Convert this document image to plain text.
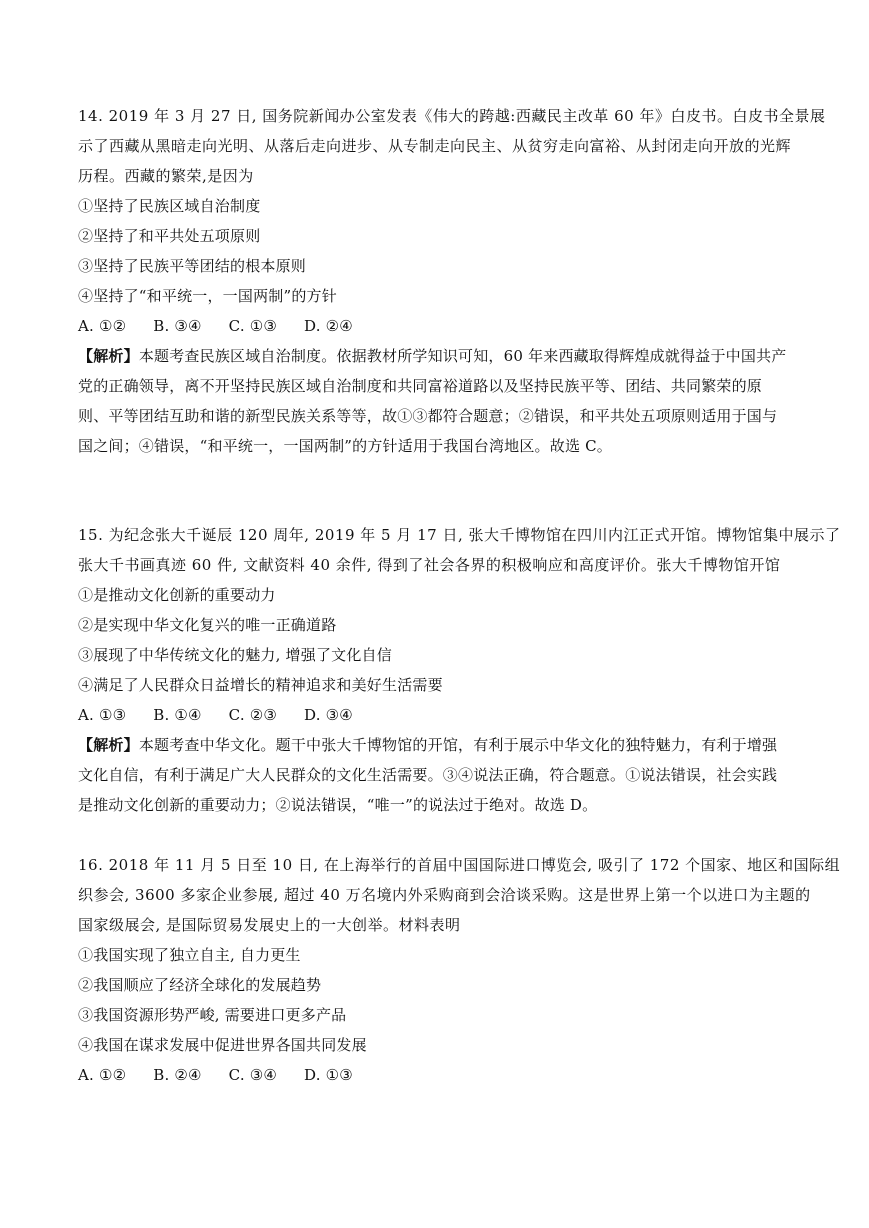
14. 2019 年 3 月 27 日, 国务院新闻办公室发表《伟大的跨越:西藏民主改革 60 年》白皮书。白皮书全景展
示了西藏从黑暗走向光明、从落后走向进步、从专制走向民主、从贫穷走向富裕、从封闭走向开放的光辉
历程。西藏的繁荣,是因为
①坚持了民族区域自治制度
②坚持了和平共处五项原则
③坚持了民族平等团结的根本原则
④坚持了“和平统一，一国两制”的方针
A. ①② B. ③④ C. ①③ D. ②④
【解析】本题考查民族区域自治制度。依据教材所学知识可知，60 年来西藏取得辉煌成就得益于中国共产
党的正确领导，离不开坚持民族区域自治制度和共同富裕道路以及坚持民族平等、团结、共同繁荣的原
则、平等团结互助和谐的新型民族关系等等，故①③都符合题意；②错误，和平共处五项原则适用于国与
国之间；④错误，“和平统一，一国两制”的方针适用于我国台湾地区。故选 C。
15. 为纪念张大千诞辰 120 周年, 2019 年 5 月 17 日, 张大千博物馆在四川内江正式开馆。博物馆集中展示了
张大千书画真迹 60 件, 文献资料 40 余件, 得到了社会各界的积极响应和高度评价。张大千博物馆开馆
①是推动文化创新的重要动力
②是实现中华文化复兴的唯一正确道路
③展现了中华传统文化的魅力, 增强了文化自信
④满足了人民群众日益增长的精神追求和美好生活需要
A. ①③ B. ①④ C. ②③ D. ③④
【解析】本题考查中华文化。题干中张大千博物馆的开馆，有利于展示中华文化的独特魅力，有利于增强
文化自信，有利于满足广大人民群众的文化生活需要。③④说法正确，符合题意。①说法错误，社会实践
是推动文化创新的重要动力；②说法错误，“唯一”的说法过于绝对。故选 D。
16. 2018 年 11 月 5 日至 10 日, 在上海举行的首届中国国际进口博览会, 吸引了 172 个国家、地区和国际组
织参会, 3600 多家企业参展, 超过 40 万名境内外采购商到会洽谈采购。这是世界上第一个以进口为主题的
国家级展会, 是国际贸易发展史上的一大创举。材料表明
①我国实现了独立自主, 自力更生
②我国顺应了经济全球化的发展趋势
③我国资源形势严峻, 需要进口更多产品
④我国在谋求发展中促进世界各国共同发展
A. ①② B. ②④ C. ③④ D. ①③
